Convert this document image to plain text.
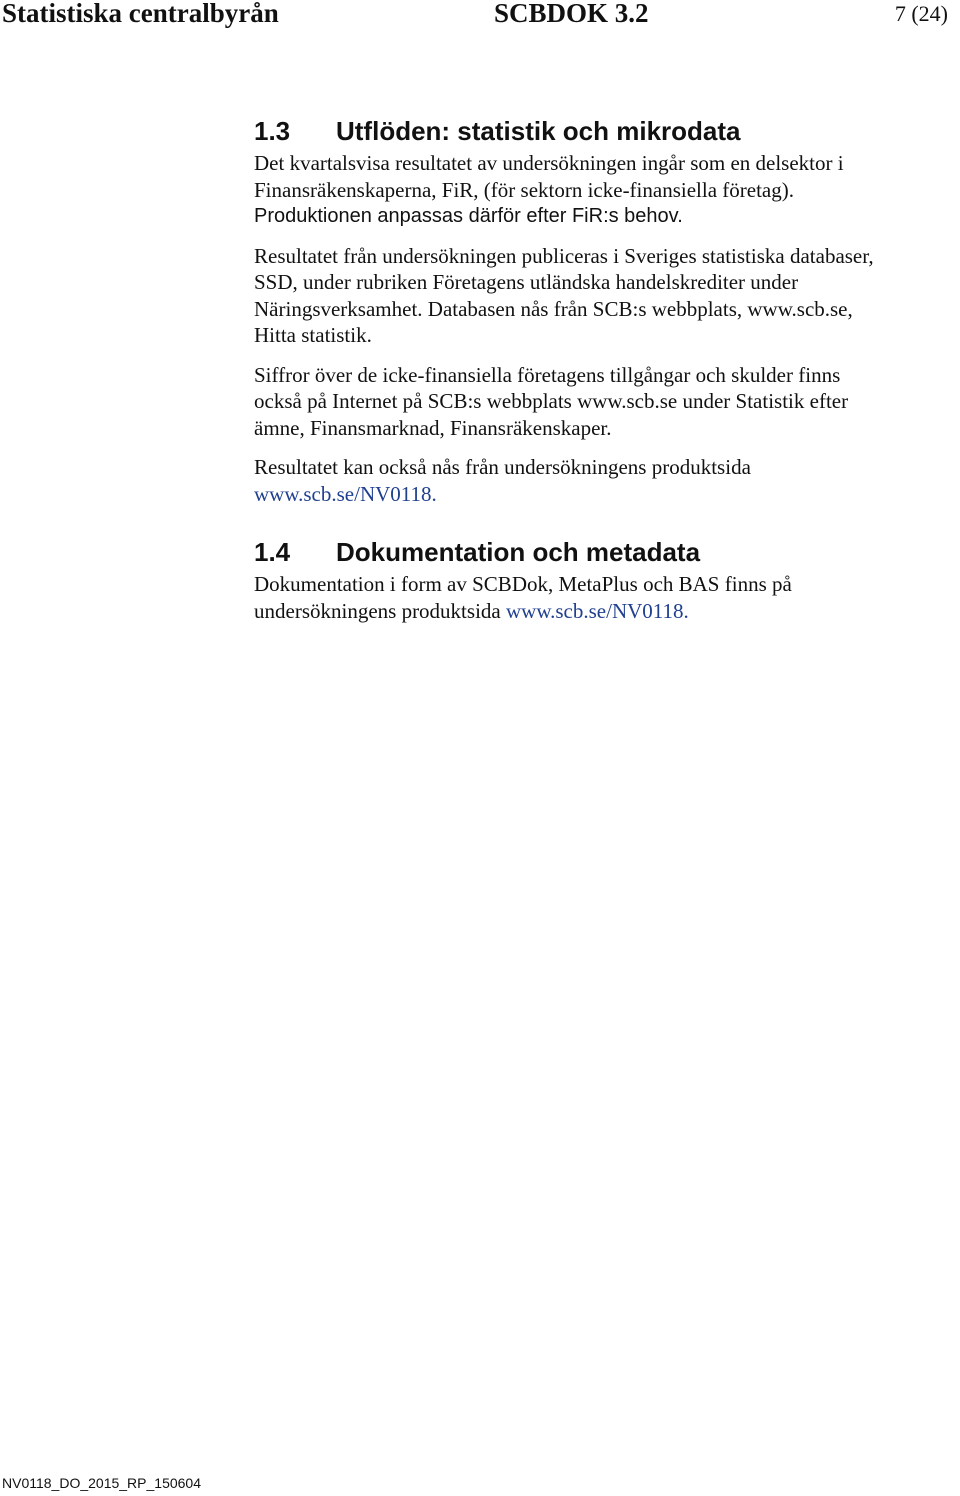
Statistiska centralbyrån	SCBDOK 3.2	7 (24)
1.3 Utflöden: statistik och mikrodata

Det kvartalsvisa resultatet av undersökningen ingår som en delsektor i
Finansräkenskaperna, FiR, (för sektorn icke-finansiella företag).
Produktionen anpassas därför efter FiR:s behov.

Resultatet från undersökningen publiceras i Sveriges statistiska databaser,
SSD, under rubriken Företagens utländska handelskrediter under
Näringsverksamhet. Databasen nås från SCB:s webbplats, www.scb.se,
Hitta statistik.

Siffror över de icke-finansiella företagens tillgångar och skulder finns
också på Internet på SCB:s webbplats www.scb.se under Statistik efter
ämne, Finansmarknad, Finansräkenskaper.

Resultatet kan också nås från undersökningens produktsida
www.scb.se/NV0118.

1.4 Dokumentation och metadata

Dokumentation i form av SCBDok, MetaPlus och BAS finns på
undersökningens produktsida www.scb.se/NV0118.

NV0118_DO_2015_RP_150604
